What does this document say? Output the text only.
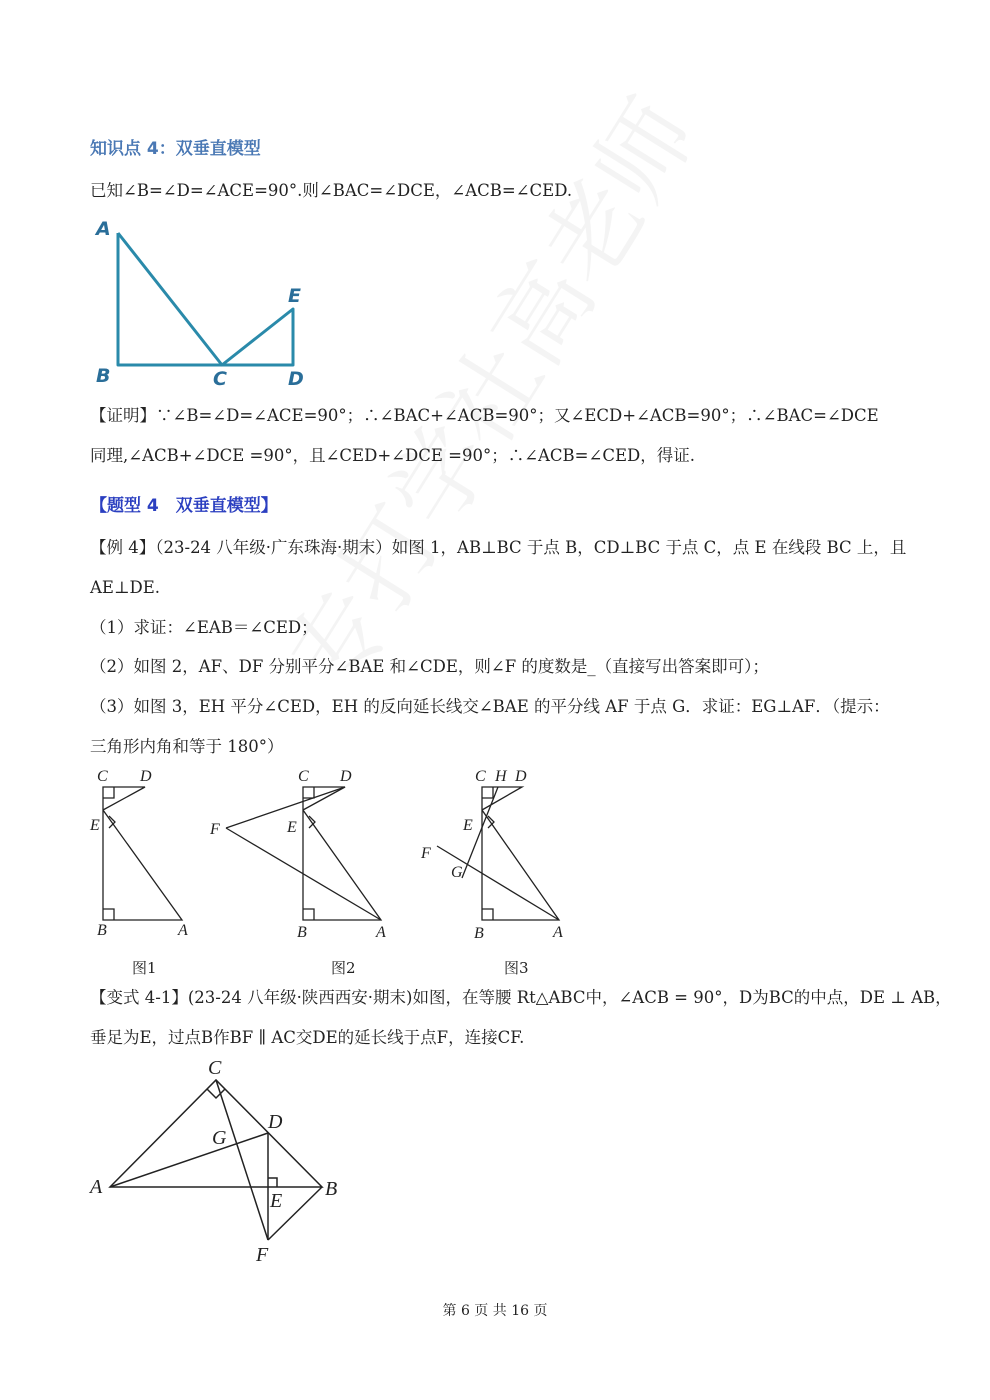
知识点 4：双垂直模型
已知∠B=∠D=∠ACE=90°.则∠BAC=∠DCE，∠ACB=∠CED.
A
B	C	D
E
【证明】∵∠B=∠D=∠ACE=90°；∴∠BAC+∠ACB=90°；又∠ECD+∠ACB=90°；∴∠BAC=∠DCE
同理,∠ACB+∠DCE =90°，且∠CED+∠DCE =90°；∴∠ACB=∠CED，得证.
【题型 4　双垂直模型】
【例 4】（23-24 八年级·广东珠海·期末）如图 1，AB⊥BC 于点 B，CD⊥BC 于点 C，点 E 在线段 BC 上，且
AE⊥DE.
（1）求证：∠EAB＝∠CED；
（2）如图 2，AF、DF 分别平分∠BAE 和∠CDE，则∠F 的度数是_（直接写出答案即可）；
（3）如图 3，EH 平分∠CED，EH 的反向延长线交∠BAE 的平分线 AF 于点 G．求证：EG⊥AF．（提示：
三角形内角和等于 180°）
C D
E
B	A
C D
F	E
B	A
C H D
E
F
G
B	A
图1	图2	图3
【变式 4-1】(23-24 八年级·陕西西安·期末)如图，在等腰 Rt△ABC中，∠ACB = 90°，D为BC的中点，DE ⊥ AB，
垂足为E，过点B作BF ∥ AC交DE的延长线于点F，连接CF.
C
D
G
A
E
B
F
第 6 页 共 16 页
